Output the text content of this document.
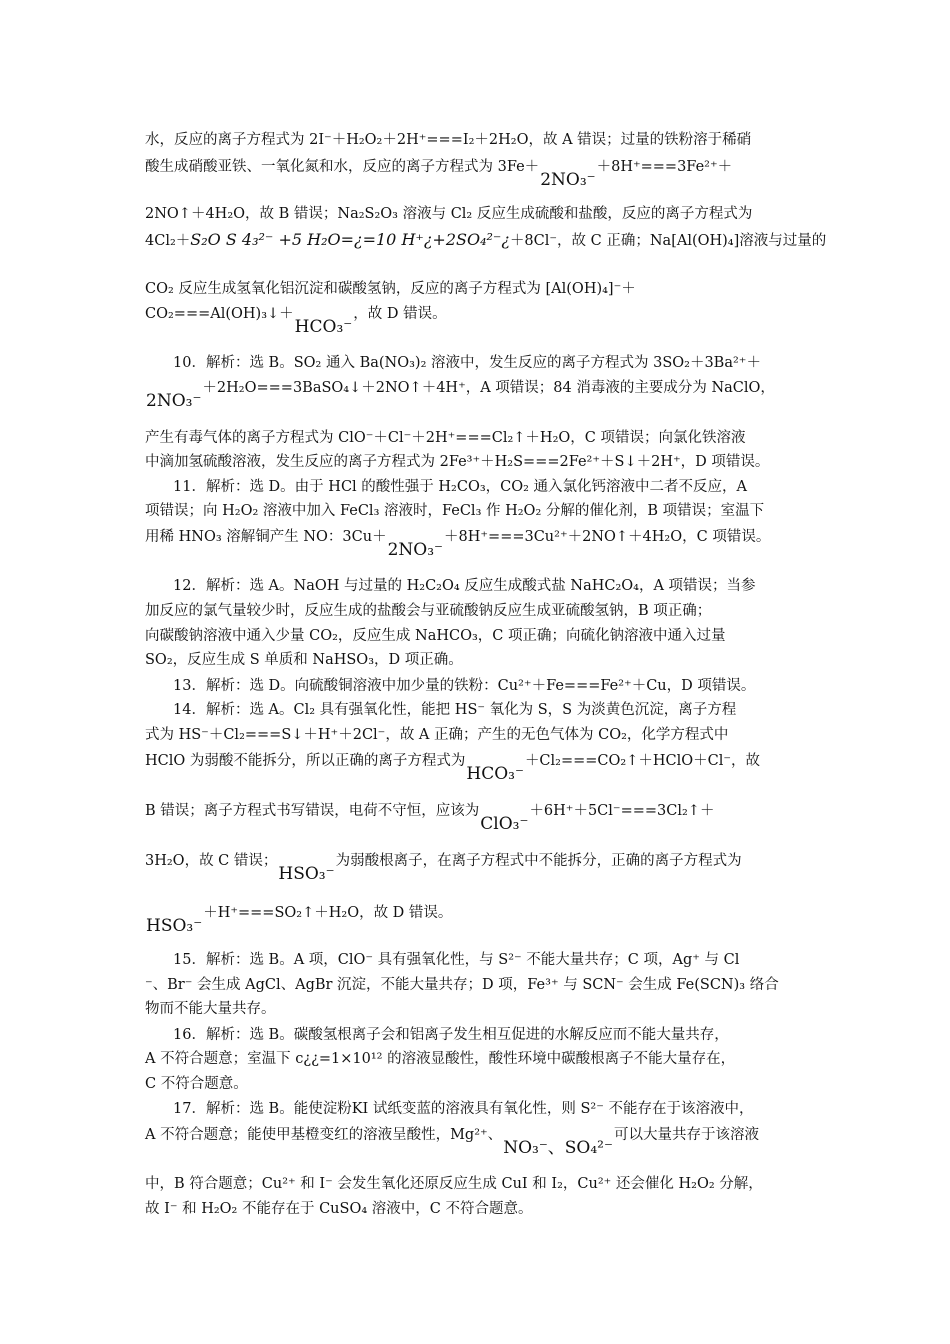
水，反应的离子方程式为 2I⁻＋H₂O₂＋2H⁺===I₂＋2H₂O，故 A 错误；过量的铁粉溶于稀硝
酸生成硝酸亚铁、一氧化氮和水，反应的离子方程式为 3Fe＋2NO₃⁻＋8H⁺===3Fe²⁺＋
2NO↑＋4H₂O，故 B 错误；Na₂S₂O₃ 溶液与 Cl₂ 反应生成硫酸和盐酸，反应的离子方程式为
4Cl₂＋S₂O S 4₃²⁻ +5 H₂O=¿=10 H⁺¿+2SO₄²⁻¿＋8Cl⁻，故 C 正确；Na[Al(OH)₄]溶液与过量的
CO₂ 反应生成氢氧化铝沉淀和碳酸氢钠，反应的离子方程式为 [Al(OH)₄]⁻＋
CO₂===Al(OH)₃↓＋HCO₃⁻，故 D 错误。
10．解析：选 B。SO₂ 通入 Ba(NO₃)₂ 溶液中，发生反应的离子方程式为 3SO₂＋3Ba²⁺＋
2NO₃⁻＋2H₂O===3BaSO₄↓＋2NO↑＋4H⁺，A 项错误；84 消毒液的主要成分为 NaClO，
产生有毒气体的离子方程式为 ClO⁻＋Cl⁻＋2H⁺===Cl₂↑＋H₂O，C 项错误；向氯化铁溶液
中滴加氢硫酸溶液，发生反应的离子方程式为 2Fe³⁺＋H₂S===2Fe²⁺＋S↓＋2H⁺，D 项错误。
11．解析：选 D。由于 HCl 的酸性强于 H₂CO₃，CO₂ 通入氯化钙溶液中二者不反应，A
项错误；向 H₂O₂ 溶液中加入 FeCl₃ 溶液时，FeCl₃ 作 H₂O₂ 分解的催化剂，B 项错误；室温下
用稀 HNO₃ 溶解铜产生 NO：3Cu＋2NO₃⁻＋8H⁺===3Cu²⁺＋2NO↑＋4H₂O，C 项错误。
12．解析：选 A。NaOH 与过量的 H₂C₂O₄ 反应生成酸式盐 NaHC₂O₄，A 项错误；当参
加反应的氯气量较少时，反应生成的盐酸会与亚硫酸钠反应生成亚硫酸氢钠，B 项正确；
向碳酸钠溶液中通入少量 CO₂，反应生成 NaHCO₃，C 项正确；向硫化钠溶液中通入过量
SO₂，反应生成 S 单质和 NaHSO₃，D 项正确。
13．解析：选 D。向硫酸铜溶液中加少量的铁粉：Cu²⁺＋Fe===Fe²⁺＋Cu，D 项错误。
14．解析：选 A。Cl₂ 具有强氧化性，能把 HS⁻ 氧化为 S，S 为淡黄色沉淀，离子方程
式为 HS⁻＋Cl₂===S↓＋H⁺＋2Cl⁻，故 A 正确；产生的无色气体为 CO₂，化学方程式中
HClO 为弱酸不能拆分，所以正确的离子方程式为HCO₃⁻＋Cl₂===CO₂↑＋HClO＋Cl⁻，故
B 错误；离子方程式书写错误，电荷不守恒，应该为ClO₃⁻＋6H⁺＋5Cl⁻===3Cl₂↑＋
3H₂O，故 C 错误；HSO₃⁻为弱酸根离子，在离子方程式中不能拆分，正确的离子方程式为
HSO₃⁻＋H⁺===SO₂↑＋H₂O，故 D 错误。
15．解析：选 B。A 项，ClO⁻ 具有强氧化性，与 S²⁻ 不能大量共存；C 项，Ag⁺ 与 Cl
⁻、Br⁻ 会生成 AgCl、AgBr 沉淀，不能大量共存；D 项，Fe³⁺ 与 SCN⁻ 会生成 Fe(SCN)₃ 络合
物而不能大量共存。
16．解析：选 B。碳酸氢根离子会和铝离子发生相互促进的水解反应而不能大量共存，
A 不符合题意；室温下 c¿¿=1×10¹² 的溶液显酸性，酸性环境中碳酸根离子不能大量存在，
C 不符合题意。
17．解析：选 B。能使淀粉KI 试纸变蓝的溶液具有氧化性，则 S²⁻ 不能存在于该溶液中，
A 不符合题意；能使甲基橙变红的溶液呈酸性，Mg²⁺、NO₃⁻、SO₄²⁻可以大量共存于该溶液
中，B 符合题意；Cu²⁺ 和 I⁻ 会发生氧化还原反应生成 CuI 和 I₂，Cu²⁺ 还会催化 H₂O₂ 分解，
故 I⁻ 和 H₂O₂ 不能存在于 CuSO₄ 溶液中，C 不符合题意。
